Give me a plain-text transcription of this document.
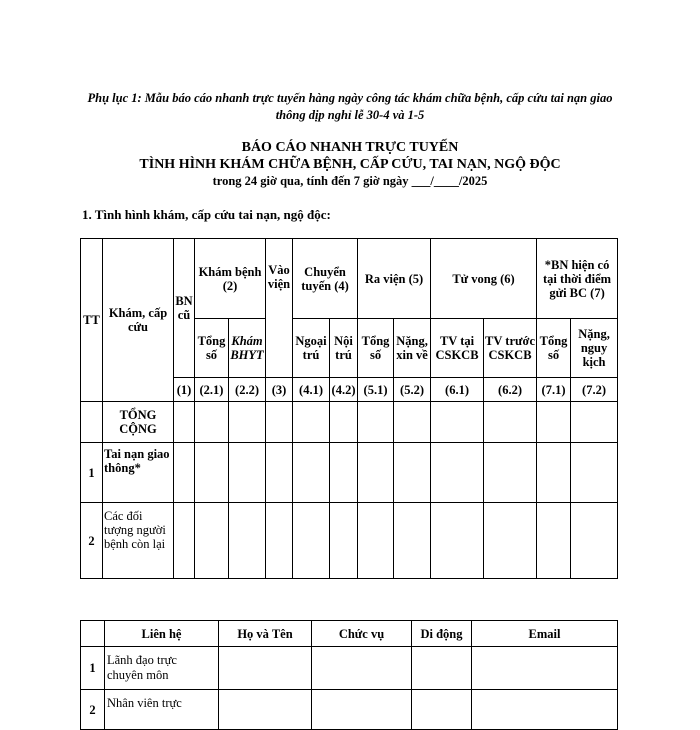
Phụ lục 1: Mẫu báo cáo nhanh trực tuyến hàng ngày công tác khám chữa bệnh, cấp cứu tai nạn giao thông dịp nghỉ lễ 30-4 và 1-5
BÁO CÁO NHANH TRỰC TUYẾN
TÌNH HÌNH KHÁM CHỮA BỆNH, CẤP CỨU, TAI NẠN, NGỘ ĐỘC
trong 24 giờ qua, tính đến 7 giờ ngày ___/____/2025
1. Tình hình khám, cấp cứu tai nạn, ngộ độc:
TT	Khám, cấp cứu	BN cũ	Khám bệnh (2)		Vào viện	Chuyển tuyến (4)		Ra viện (5)		Tử vong (6)		*BN hiện có tại thời điểm gửi BC (7)	
			Tổng số	Khám BHYT		Ngoại trú	Nội trú	Tổng số	Nặng, xin về	TV tại CSKCB	TV trước CSKCB	Tổng số	Nặng, nguy kịch
		(1)	(2.1)	(2.2)	(3)	(4.1)	(4.2)	(5.1)	(5.2)	(6.1)	(6.2)	(7.1)	(7.2)
	TỔNG CỘNG												
1	Tai nạn giao thông*												
2	Các đối tượng người bệnh còn lại												
	Liên hệ	Họ và Tên	Chức vụ	Di động	Email
1	Lãnh đạo trực chuyên môn				
2	Nhân viên trực				
